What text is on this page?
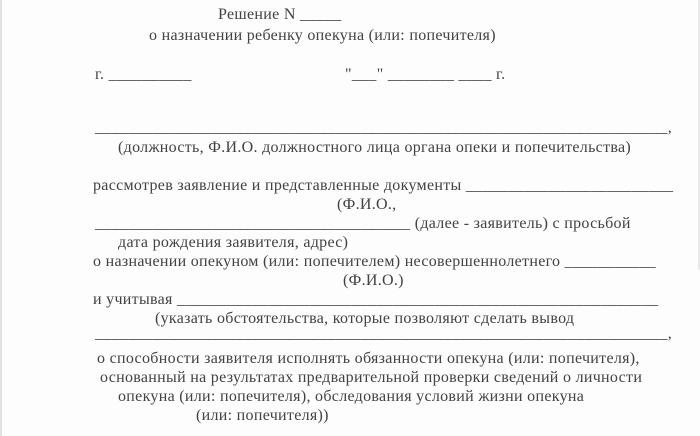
Решение N _____
о назначении ребенку опекуна (или: попечителя)
г. __________	"___" ________ ____ г.
_____________________________________________________________________,
(должность, Ф.И.О. должностного лица органа опеки и попечительства)
рассмотрев заявление и представленные документы _________________________
(Ф.И.О.,
______________________________________ (далее - заявитель) с просьбой
дата рождения заявителя, адрес)
о назначении опекуном (или: попечителем) несовершеннолетнего ___________
(Ф.И.О.)
и учитывая __________________________________________________________
(указать обстоятельства, которые позволяют сделать вывод
_____________________________________________________________________,
о способности заявителя исполнять обязанности опекуна (или: попечителя),
основанный на результатах предварительной проверки сведений о личности
опекуна (или: попечителя), обследования условий жизни опекуна
(или: попечителя))
